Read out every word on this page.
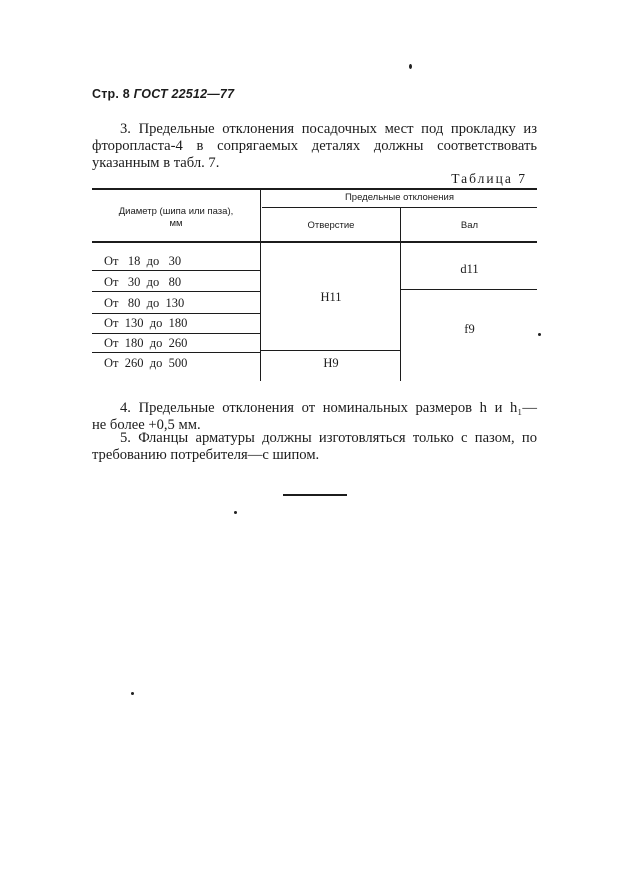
Стр. 8 ГОСТ 22512—77
3. Предельные отклонения посадочных мест под прокладку из
фторопласта-4 в сопрягаемых деталях должны соответствовать
указанным в табл. 7.
Таблица 7
Диаметр (шипа или паза),
мм
Предельные отклонения
Отверстие	Вал
От   18  до   30
От   30  до   80
От   80  до  130
От  130  до  180
От  180  до  260
От  260  до  500
H11
H9
d11
f9
4. Предельные отклонения от номинальных размеров h и h₁—
не более +0,5 мм.
5. Фланцы арматуры должны изготовляться только с пазом, по
требованию потребителя—с шипом.
